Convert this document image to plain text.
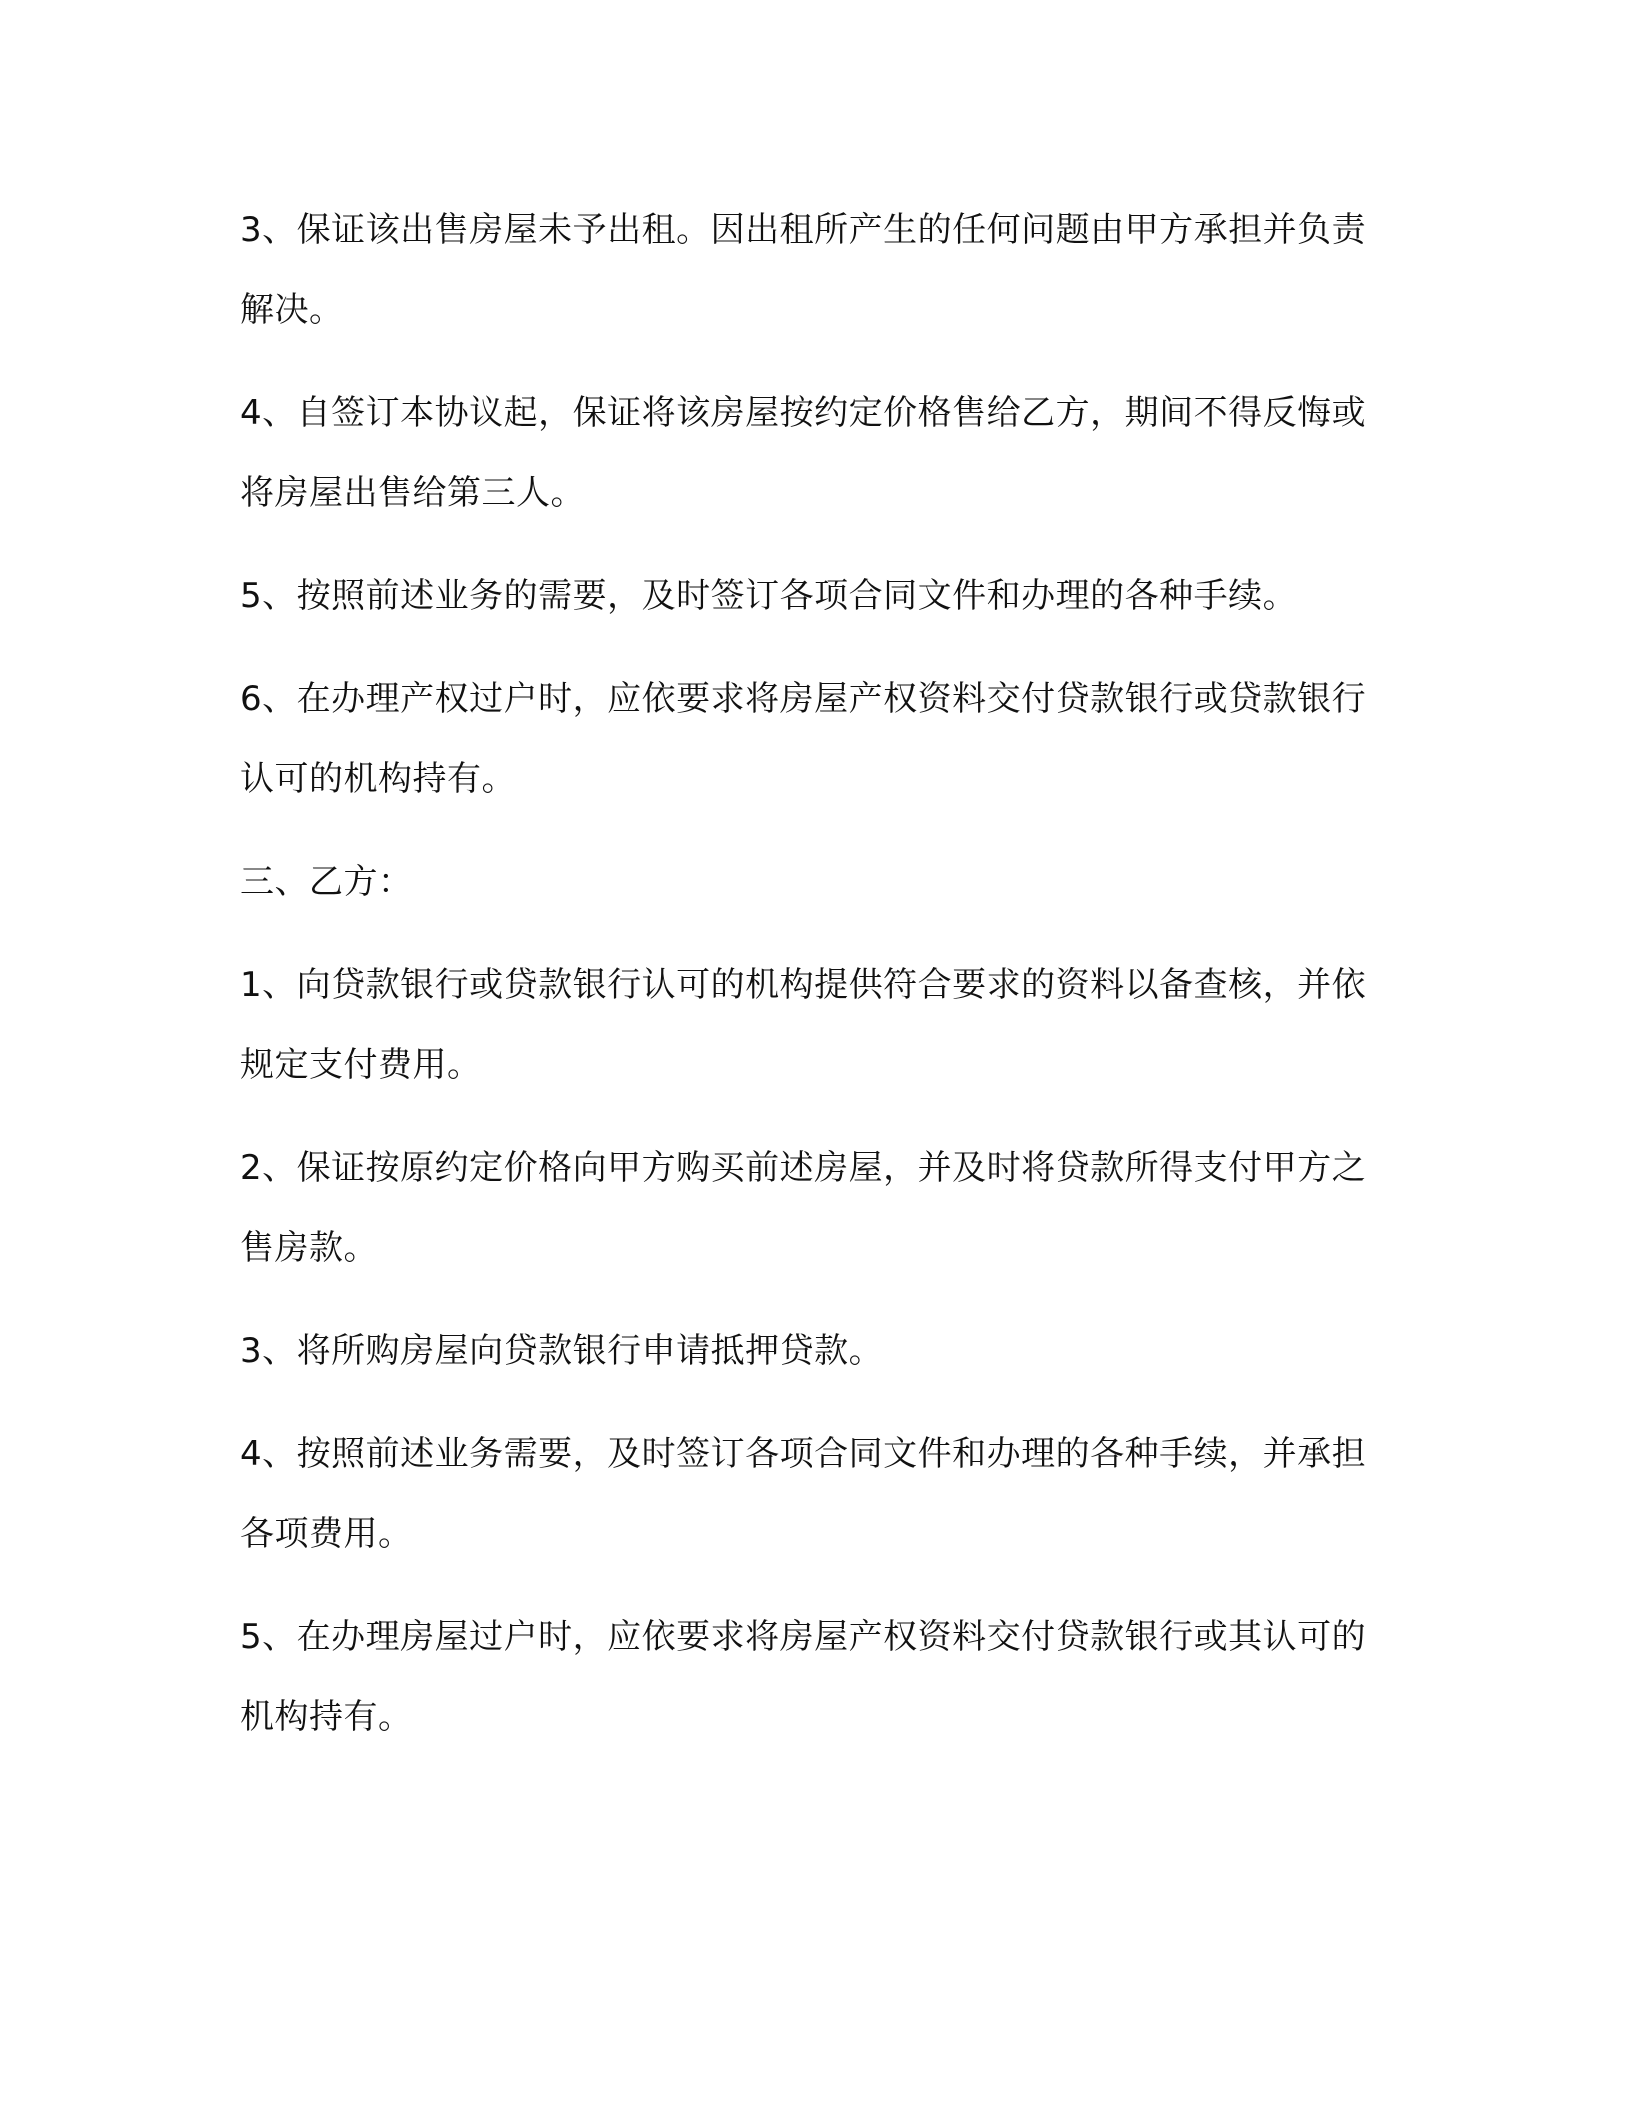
3、保证该出售房屋未予出租。因出租所产生的任何问题由甲方承担并负责解决。

4、自签订本协议起，保证将该房屋按约定价格售给乙方，期间不得反悔或将房屋出售给第三人。

5、按照前述业务的需要，及时签订各项合同文件和办理的各种手续。

6、在办理产权过户时，应依要求将房屋产权资料交付贷款银行或贷款银行认可的机构持有。

三、乙方：

1、向贷款银行或贷款银行认可的机构提供符合要求的资料以备查核，并依规定支付费用。

2、保证按原约定价格向甲方购买前述房屋，并及时将贷款所得支付甲方之售房款。

3、将所购房屋向贷款银行申请抵押贷款。

4、按照前述业务需要，及时签订各项合同文件和办理的各种手续，并承担各项费用。

5、在办理房屋过户时，应依要求将房屋产权资料交付贷款银行或其认可的机构持有。
